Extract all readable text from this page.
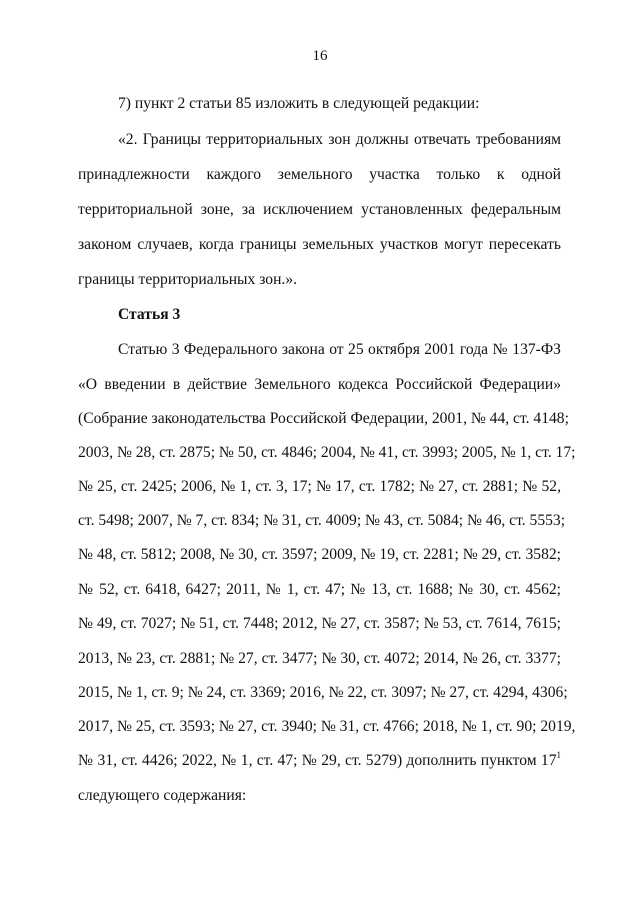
16
7) пункт 2 статьи 85 изложить в следующей редакции:
«2. Границы территориальных зон должны отвечать требованиям
принадлежности каждого земельного участка только к одной
территориальной зоне, за исключением установленных федеральным
законом случаев, когда границы земельных участков могут пересекать
границы территориальных зон.».
Статья 3
Статью 3 Федерального закона от 25 октября 2001 года № 137-ФЗ
«О введении в действие Земельного кодекса Российской Федерации»
(Собрание законодательства Российской Федерации, 2001, № 44, ст. 4148;
2003, № 28, ст. 2875; № 50, ст. 4846; 2004, № 41, ст. 3993; 2005, № 1, ст. 17;
№ 25, ст. 2425; 2006, № 1, ст. 3, 17; № 17, ст. 1782; № 27, ст. 2881; № 52,
ст. 5498; 2007, № 7, ст. 834; № 31, ст. 4009; № 43, ст. 5084; № 46, ст. 5553;
№ 48, ст. 5812; 2008, № 30, ст. 3597; 2009, № 19, ст. 2281; № 29, ст. 3582;
№ 52, ст. 6418, 6427; 2011, № 1, ст. 47; № 13, ст. 1688; № 30, ст. 4562;
№ 49, ст. 7027; № 51, ст. 7448; 2012, № 27, ст. 3587; № 53, ст. 7614, 7615;
2013, № 23, ст. 2881; № 27, ст. 3477; № 30, ст. 4072; 2014, № 26, ст. 3377;
2015, № 1, ст. 9; № 24, ст. 3369; 2016, № 22, ст. 3097; № 27, ст. 4294, 4306;
2017, № 25, ст. 3593; № 27, ст. 3940; № 31, ст. 4766; 2018, № 1, ст. 90; 2019,
№ 31, ст. 4426; 2022, № 1, ст. 47; № 29, ст. 5279) дополнить пунктом $17^1$
следующего содержания:
